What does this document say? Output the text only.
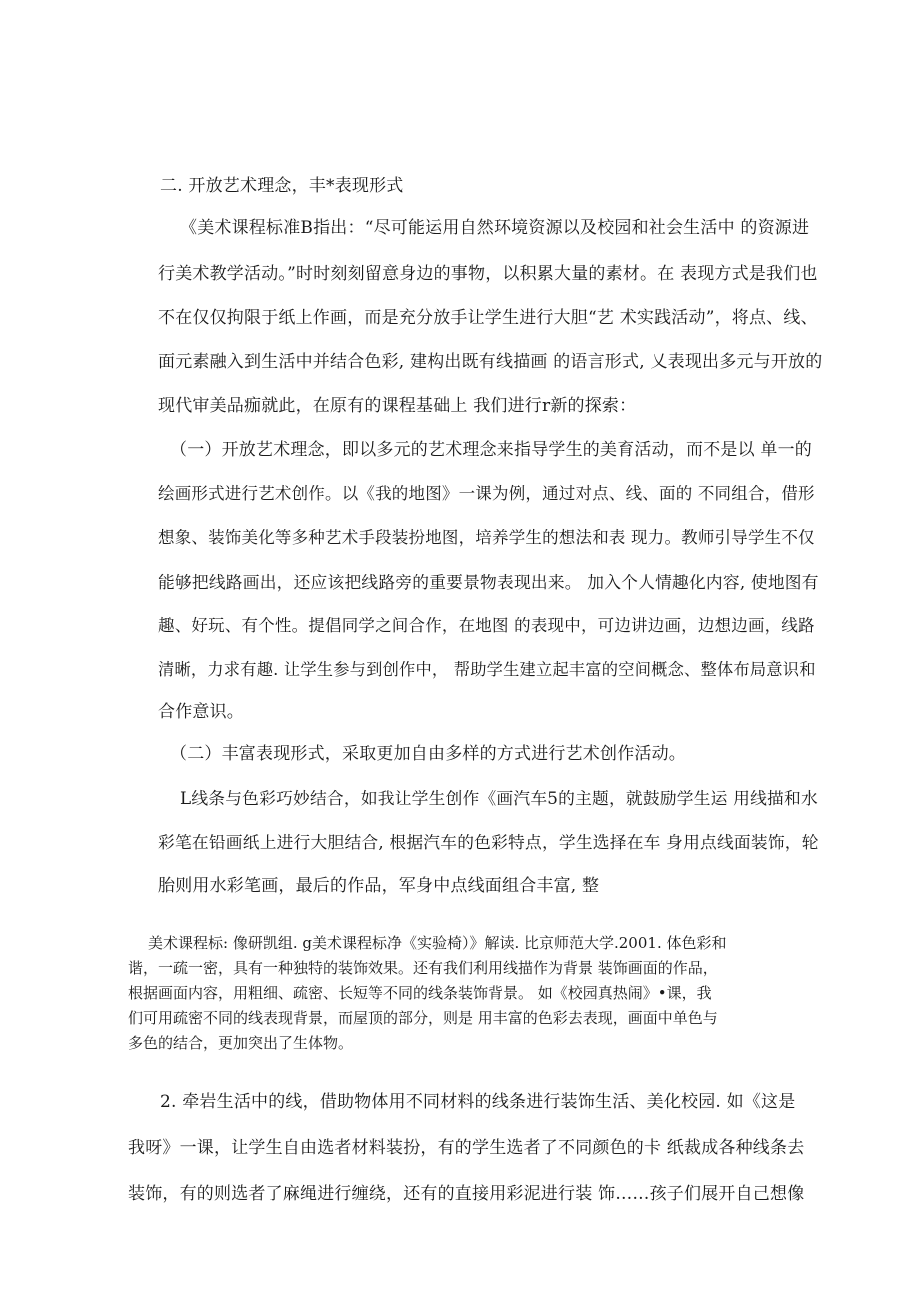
二. 开放艺术理念，丰*表现形式
《美术课程标准B指出：“尽可能运用自然环境资源以及校园和社会生活中 的资源进
行美术教学活动。”时时刻刻留意身边的事物，以积累大量的素材。在 表现方式是我们也
不在仅仅拘限于纸上作画，而是充分放手让学生进行大胆“艺 术实践活动”，将点、线、
面元素融入到生活中并结合色彩, 建构出既有线描画 的语言形式, 乂表现出多元与开放的
现代审美品痂就此，在原有的课程基础上 我们进行r新的探索：
（一）开放艺术理念，即以多元的艺术理念来指导学生的美育活动，而不是以 单一的
绘画形式进行艺术创作。以《我的地图》一课为例，通过对点、线、面的 不同组合，借形
想象、装饰美化等多种艺术手段装扮地图，培养学生的想法和表 现力。教师引导学生不仅
能够把线路画出，还应该把线路旁的重要景物表现出来。 加入个人情趣化内容, 使地图有
趣、好玩、有个性。提倡同学之间合作，在地图 的表现中，可边讲边画，边想边画，线路
清晰，力求有趣. 让学生参与到创作中， 帮助学生建立起丰富的空间概念、整体布局意识和
合作意识。
（二）丰富表现形式，采取更加自由多样的方式进行艺术创作活动。
L线条与色彩巧妙结合，如我让学生创作《画汽车5的主题，就鼓励学生运 用线描和水
彩笔在铅画纸上进行大胆结合, 根据汽车的色彩特点，学生选择在车 身用点线面装饰，轮
胎则用水彩笔画，最后的作品，军身中点线面组合丰富, 整
美术课程标: 像研凯组. g美术课程标净《实验椅）》解读. 比京师范大学.2001. 体色彩和
谐，一疏一密，具有一种独特的装饰效果。还有我们利用线描作为背景 装饰画面的作品，
根据画面内容，用粗细、疏密、长短等不同的线条装饰背景。 如《校园真热闹》•课，我
们可用疏密不同的线表现背景，而屋顶的部分，则是 用丰富的色彩去表现，画面中单色与
多色的结合，更加突出了生体物。
2. 牵岩生活中的线，借助物体用不同材料的线条进行装饰生活、美化校园. 如《这是
我呀》一课，让学生自由选者材料装扮，有的学生选者了不同颜色的卡 纸裁成各种线条去
装饰，有的则选者了麻绳进行缠绕，还有的直接用彩泥进行装 饰……孩子们展开自己想像
